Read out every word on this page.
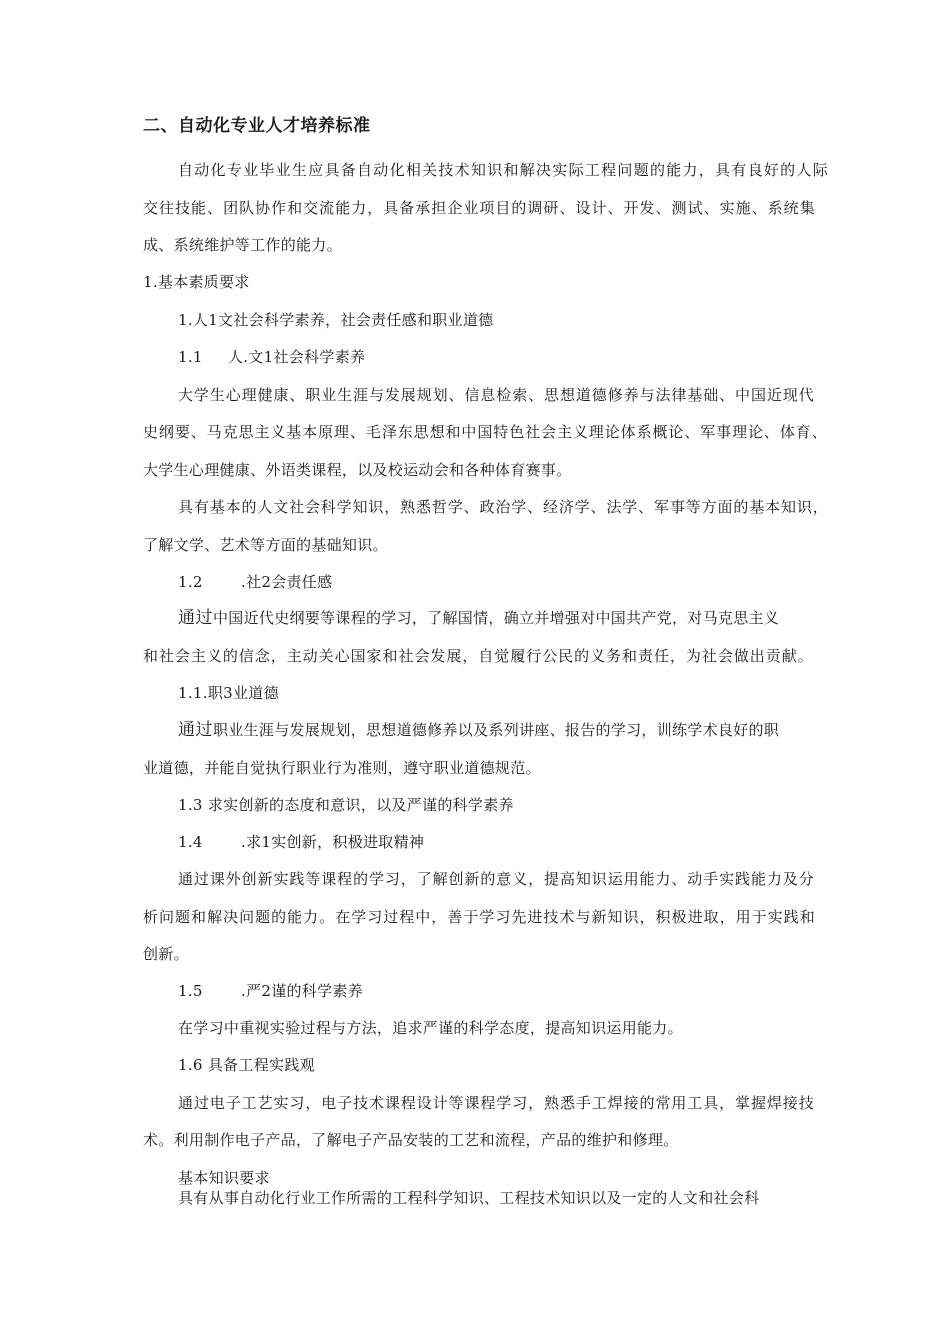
二、自动化专业人才培养标准
自动化专业毕业生应具备自动化相关技术知识和解决实际工程问题的能力，具有良好的人际
交往技能、团队协作和交流能力，具备承担企业项目的调研、设计、开发、测试、实施、系统集
成、系统维护等工作的能力。
1.基本素质要求
1.人1文社会科学素养，社会责任感和职业道德
1.1 人.文1社会科学素养
大学生心理健康、职业生涯与发展规划、信息检索、思想道德修养与法律基础、中国近现代
史纲要、马克思主义基本原理、毛泽东思想和中国特色社会主义理论体系概论、军事理论、体育、
大学生心理健康、外语类课程，以及校运动会和各种体育赛事。
具有基本的人文社会科学知识，熟悉哲学、政治学、经济学、法学、军事等方面的基本知识，
了解文学、艺术等方面的基础知识。
1.2	.社2会责任感
通过中国近代史纲要等课程的学习，了解国情，确立并增强对中国共产党，对马克思主义
和社会主义的信念，主动关心国家和社会发展，自觉履行公民的义务和责任，为社会做出贡献。
1.1.职3业道德
通过职业生涯与发展规划，思想道德修养以及系列讲座、报告的学习，训练学术良好的职
业道德，并能自觉执行职业行为准则，遵守职业道德规范。
1.3 求实创新的态度和意识，以及严谨的科学素养
1.4	.求1实创新，积极进取精神
通过课外创新实践等课程的学习，了解创新的意义，提高知识运用能力、动手实践能力及分
析问题和解决问题的能力。在学习过程中，善于学习先进技术与新知识，积极进取，用于实践和
创新。
1.5	.严2谨的科学素养
在学习中重视实验过程与方法，追求严谨的科学态度，提高知识运用能力。
1.6 具备工程实践观
通过电子工艺实习，电子技术课程设计等课程学习，熟悉手工焊接的常用工具，掌握焊接技
术。利用制作电子产品，了解电子产品安装的工艺和流程，产品的维护和修理。
基本知识要求
具有从事自动化行业工作所需的工程科学知识、工程技术知识以及一定的人文和社会科
